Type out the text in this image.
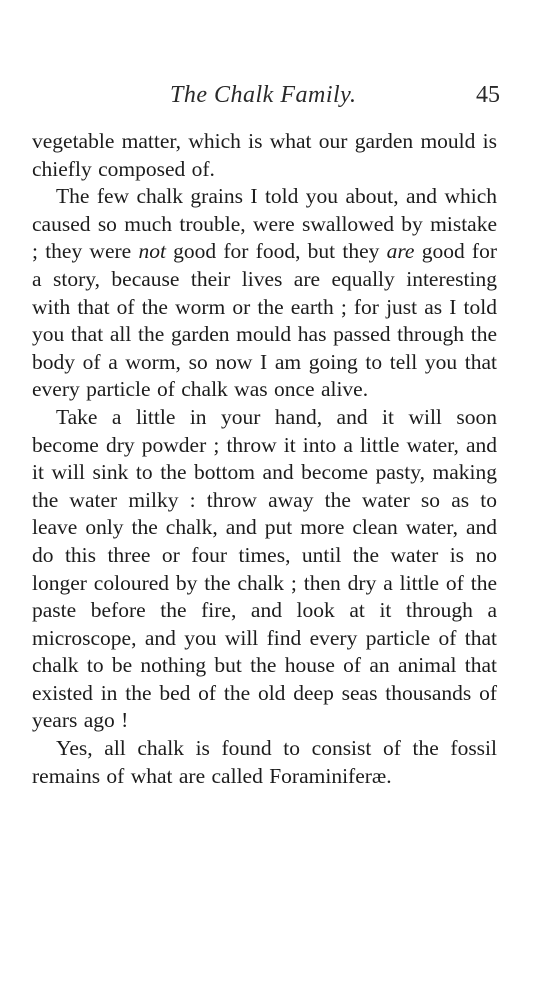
The Chalk Family.	45

vegetable matter, which is what our garden mould is chiefly composed of.

The few chalk grains I told you about, and which caused so much trouble, were swallowed by mistake ; they were not good for food, but they are good for a story, because their lives are equally interesting with that of the worm or the earth ; for just as I told you that all the garden mould has passed through the body of a worm, so now I am going to tell you that every particle of chalk was once alive.

Take a little in your hand, and it will soon become dry powder ; throw it into a little water, and it will sink to the bottom and become pasty, making the water milky : throw away the water so as to leave only the chalk, and put more clean water, and do this three or four times, until the water is no longer coloured by the chalk ; then dry a little of the paste before the fire, and look at it through a microscope, and you will find every particle of that chalk to be nothing but the house of an animal that existed in the bed of the old deep seas thousands of years ago !

Yes, all chalk is found to consist of the fossil remains of what are called Foraminiferæ.
